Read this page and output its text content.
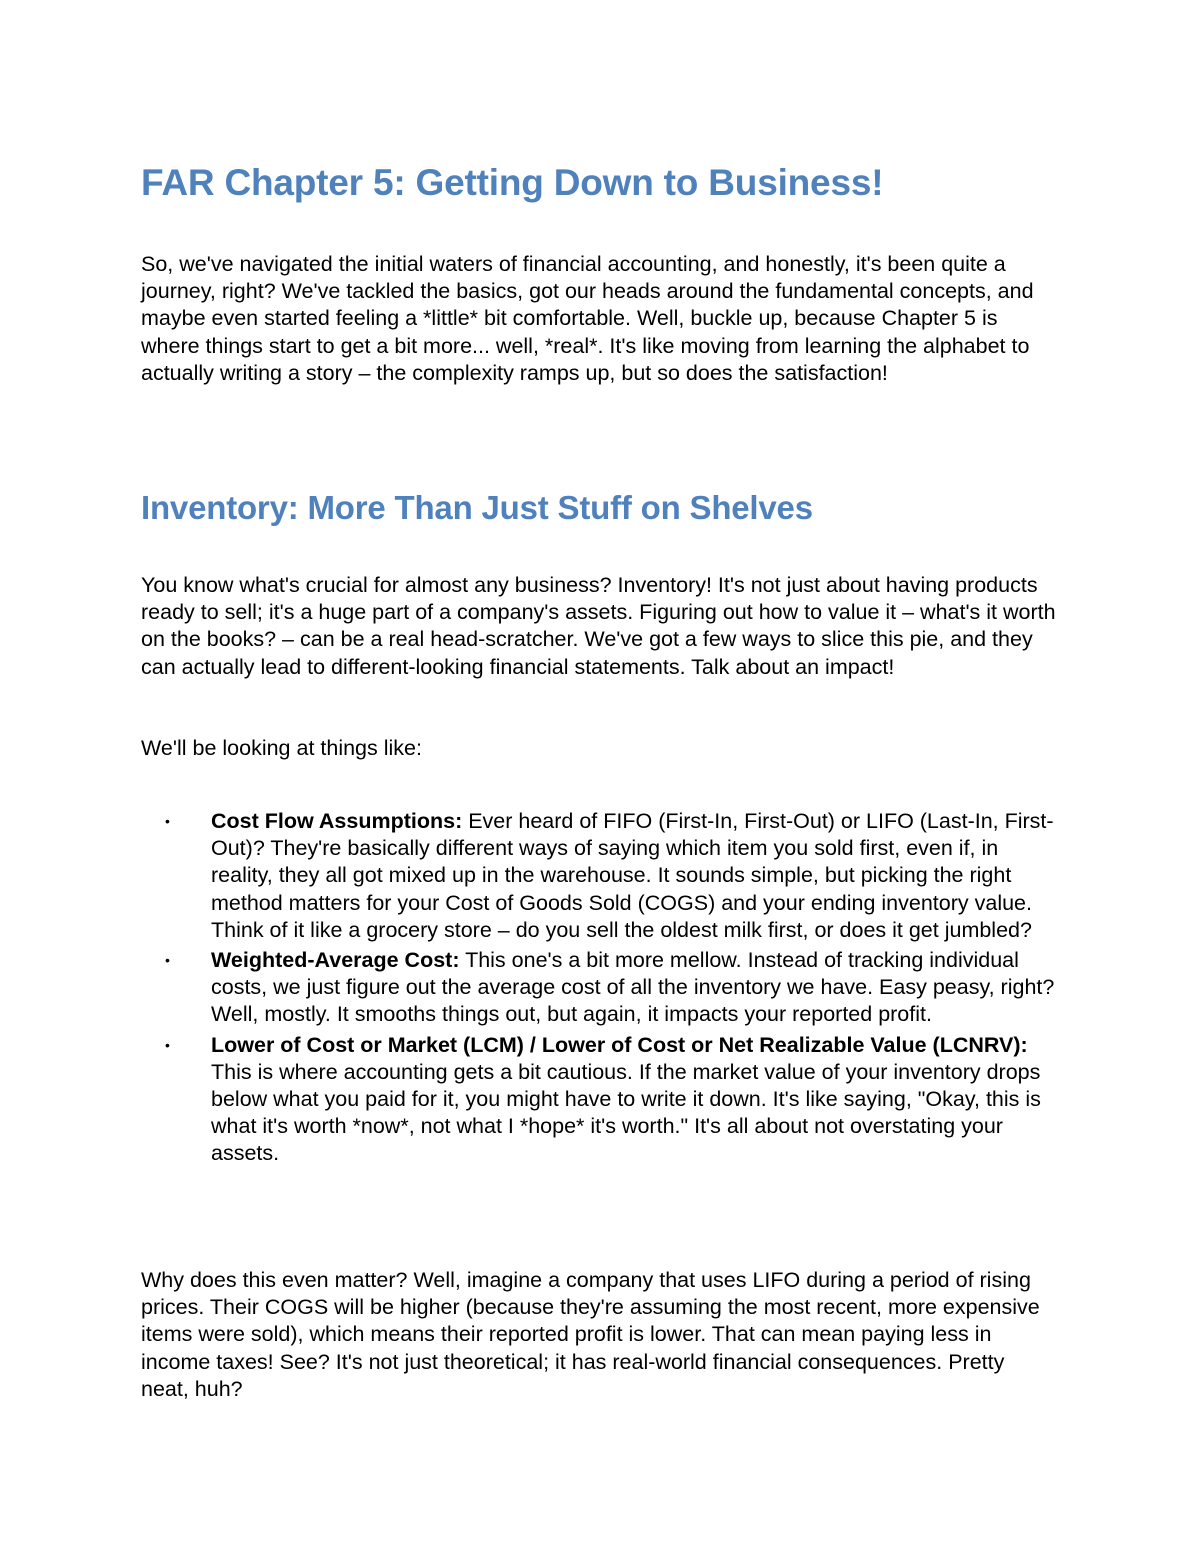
FAR Chapter 5: Getting Down to Business!

So, we've navigated the initial waters of financial accounting, and honestly, it's been quite a journey, right? We've tackled the basics, got our heads around the fundamental concepts, and maybe even started feeling a *little* bit comfortable. Well, buckle up, because Chapter 5 is where things start to get a bit more... well, *real*. It's like moving from learning the alphabet to actually writing a story – the complexity ramps up, but so does the satisfaction!

Inventory: More Than Just Stuff on Shelves

You know what's crucial for almost any business? Inventory! It's not just about having products ready to sell; it's a huge part of a company's assets. Figuring out how to value it – what's it worth on the books? – can be a real head-scratcher. We've got a few ways to slice this pie, and they can actually lead to different-looking financial statements. Talk about an impact!

We'll be looking at things like:

• Cost Flow Assumptions: Ever heard of FIFO (First-In, First-Out) or LIFO (Last-In, First-Out)? They're basically different ways of saying which item you sold first, even if, in reality, they all got mixed up in the warehouse. It sounds simple, but picking the right method matters for your Cost of Goods Sold (COGS) and your ending inventory value. Think of it like a grocery store – do you sell the oldest milk first, or does it get jumbled?
• Weighted-Average Cost: This one's a bit more mellow. Instead of tracking individual costs, we just figure out the average cost of all the inventory we have. Easy peasy, right? Well, mostly. It smooths things out, but again, it impacts your reported profit.
• Lower of Cost or Market (LCM) / Lower of Cost or Net Realizable Value (LCNRV): This is where accounting gets a bit cautious. If the market value of your inventory drops below what you paid for it, you might have to write it down. It's like saying, "Okay, this is what it's worth *now*, not what I *hope* it's worth." It's all about not overstating your assets.

Why does this even matter? Well, imagine a company that uses LIFO during a period of rising prices. Their COGS will be higher (because they're assuming the most recent, more expensive items were sold), which means their reported profit is lower. That can mean paying less in income taxes! See? It's not just theoretical; it has real-world financial consequences. Pretty neat, huh?
